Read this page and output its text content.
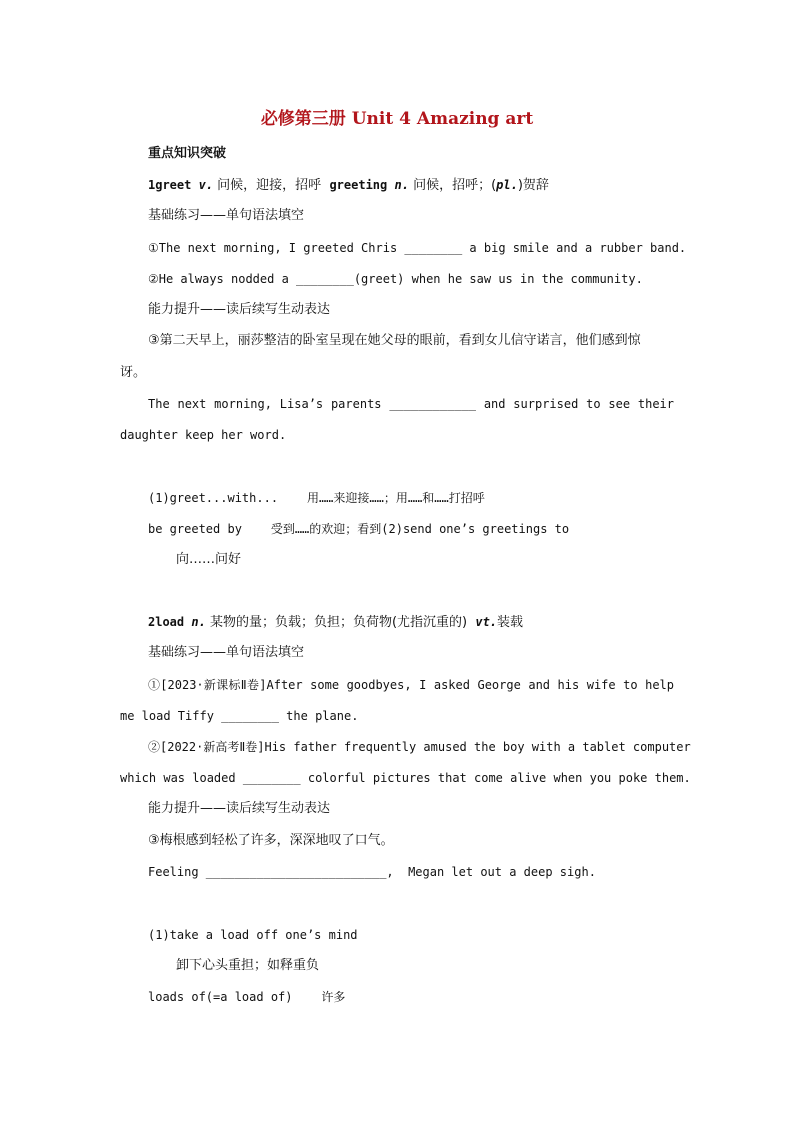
必修第三册 Unit 4 Amazing art
重点知识突破
1greet v. 问候，迎接，招呼  greeting n. 问候，招呼；(pl.)贺辞
基础练习——单句语法填空
①The next morning, I greeted Chris ________ a big smile and a rubber band.
②He always nodded a ________(greet) when he saw us in the community.
能力提升——读后续写生动表达
③第二天早上，丽莎整洁的卧室呈现在她父母的眼前，看到女儿信守诺言，他们感到惊
讶。
The next morning, Lisa’s parents ____________ and surprised to see their
daughter keep her word.
(1)greet...with...    用……来迎接……；用……和……打招呼
be greeted by    受到……的欢迎；看到(2)send one’s greetings to
向……问好
2load n. 某物的量；负载；负担；负荷物(尤指沉重的)  vt.装载
基础练习——单句语法填空
①[2023·新课标Ⅱ卷]After some goodbyes, I asked George and his wife to help
me load Tiffy ________ the plane.
②[2022·新高考Ⅱ卷]His father frequently amused the boy with a tablet computer
which was loaded ________ colorful pictures that come alive when you poke them.
能力提升——读后续写生动表达
③梅根感到轻松了许多，深深地叹了口气。
Feeling _________________________,  Megan let out a deep sigh.
(1)take a load off one’s mind
卸下心头重担；如释重负
loads of(=a load of)    许多
